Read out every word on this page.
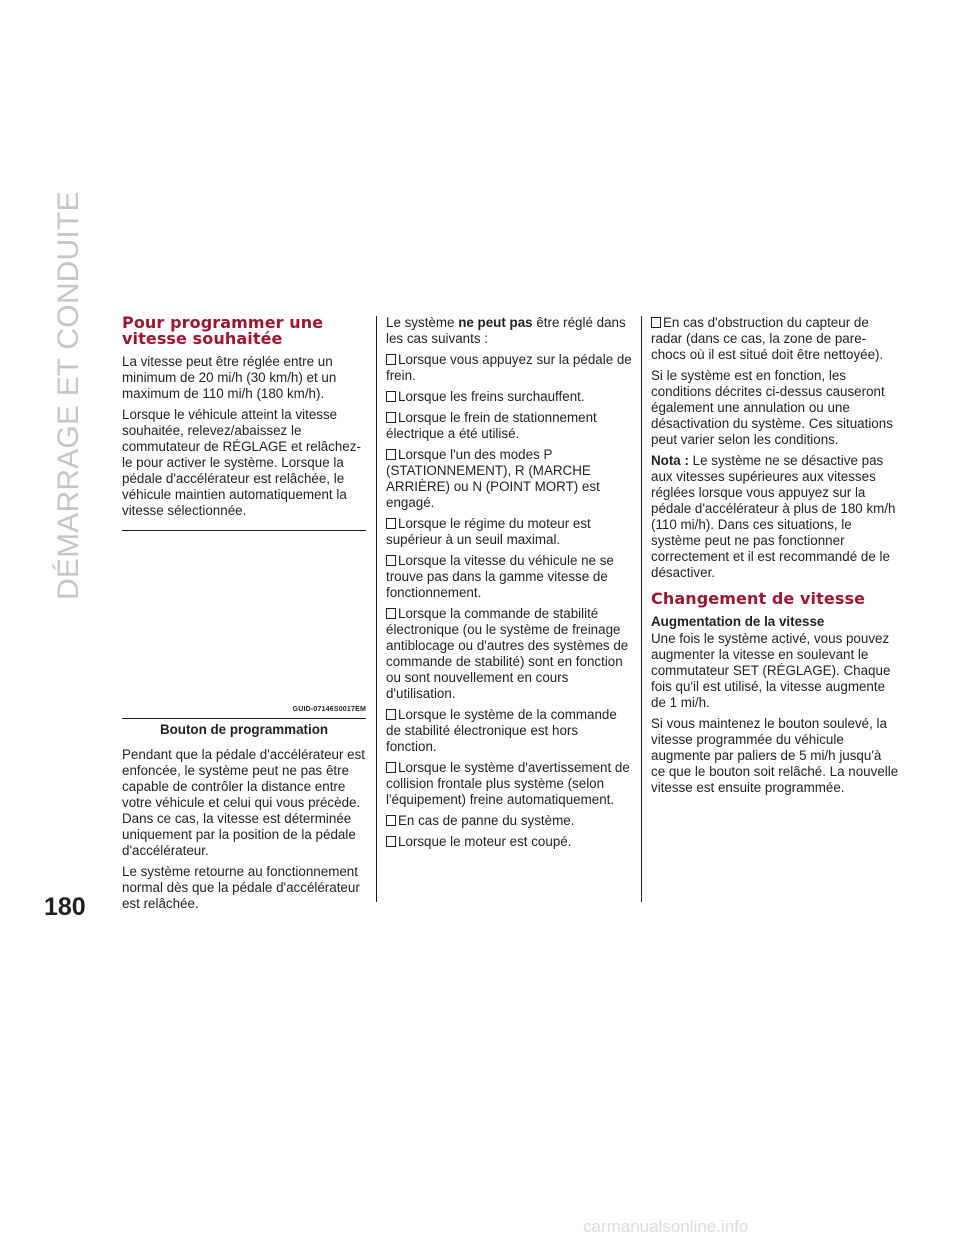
DÉMARRAGE ET CONDUITE
180
Pour programmer une vitesse souhaitée

La vitesse peut être réglée entre un minimum de 20 mi/h (30 km/h) et un maximum de 110 mi/h (180 km/h).

Lorsque le véhicule atteint la vitesse souhaitée, relevez/abaissez le commutateur de RÉGLAGE et relâchez-le pour activer le système. Lorsque la pédale d'accélérateur est relâchée, le véhicule maintien automatiquement la vitesse sélectionnée.

GUID-07146S0017EM
Bouton de programmation

Pendant que la pédale d'accélérateur est enfoncée, le système peut ne pas être capable de contrôler la distance entre votre véhicule et celui qui vous précède. Dans ce cas, la vitesse est déterminée uniquement par la position de la pédale d'accélérateur.

Le système retourne au fonctionnement normal dès que la pédale d'accélérateur est relâchée.

Le système ne peut pas être réglé dans les cas suivants :

Lorsque vous appuyez sur la pédale de frein.

Lorsque les freins surchauffent.

Lorsque le frein de stationnement électrique a été utilisé.

Lorsque l'un des modes P (STATIONNEMENT), R (MARCHE ARRIÈRE) ou N (POINT MORT) est engagé.

Lorsque le régime du moteur est supérieur à un seuil maximal.

Lorsque la vitesse du véhicule ne se trouve pas dans la gamme vitesse de fonctionnement.

Lorsque la commande de stabilité électronique (ou le système de freinage antiblocage ou d'autres des systèmes de commande de stabilité) sont en fonction ou sont nouvellement en cours d'utilisation.

Lorsque le système de la commande de stabilité électronique est hors fonction.

Lorsque le système d'avertissement de collision frontale plus système (selon l'équipement) freine automatiquement.

En cas de panne du système.

Lorsque le moteur est coupé.

En cas d'obstruction du capteur de radar (dans ce cas, la zone de pare-chocs où il est situé doit être nettoyée).

Si le système est en fonction, les conditions décrites ci-dessus causeront également une annulation ou une désactivation du système. Ces situations peut varier selon les conditions.

Nota : Le système ne se désactive pas aux vitesses supérieures aux vitesses réglées lorsque vous appuyez sur la pédale d'accélérateur à plus de 180 km/h (110 mi/h). Dans ces situations, le système peut ne pas fonctionner correctement et il est recommandé de le désactiver.

Changement de vitesse
Augmentation de la vitesse

Une fois le système activé, vous pouvez augmenter la vitesse en soulevant le commutateur SET (RÉGLAGE). Chaque fois qu'il est utilisé, la vitesse augmente de 1 mi/h.

Si vous maintenez le bouton soulevé, la vitesse programmée du véhicule augmente par paliers de 5 mi/h jusqu'à ce que le bouton soit relâché. La nouvelle vitesse est ensuite programmée.

carmanualsonline.info
